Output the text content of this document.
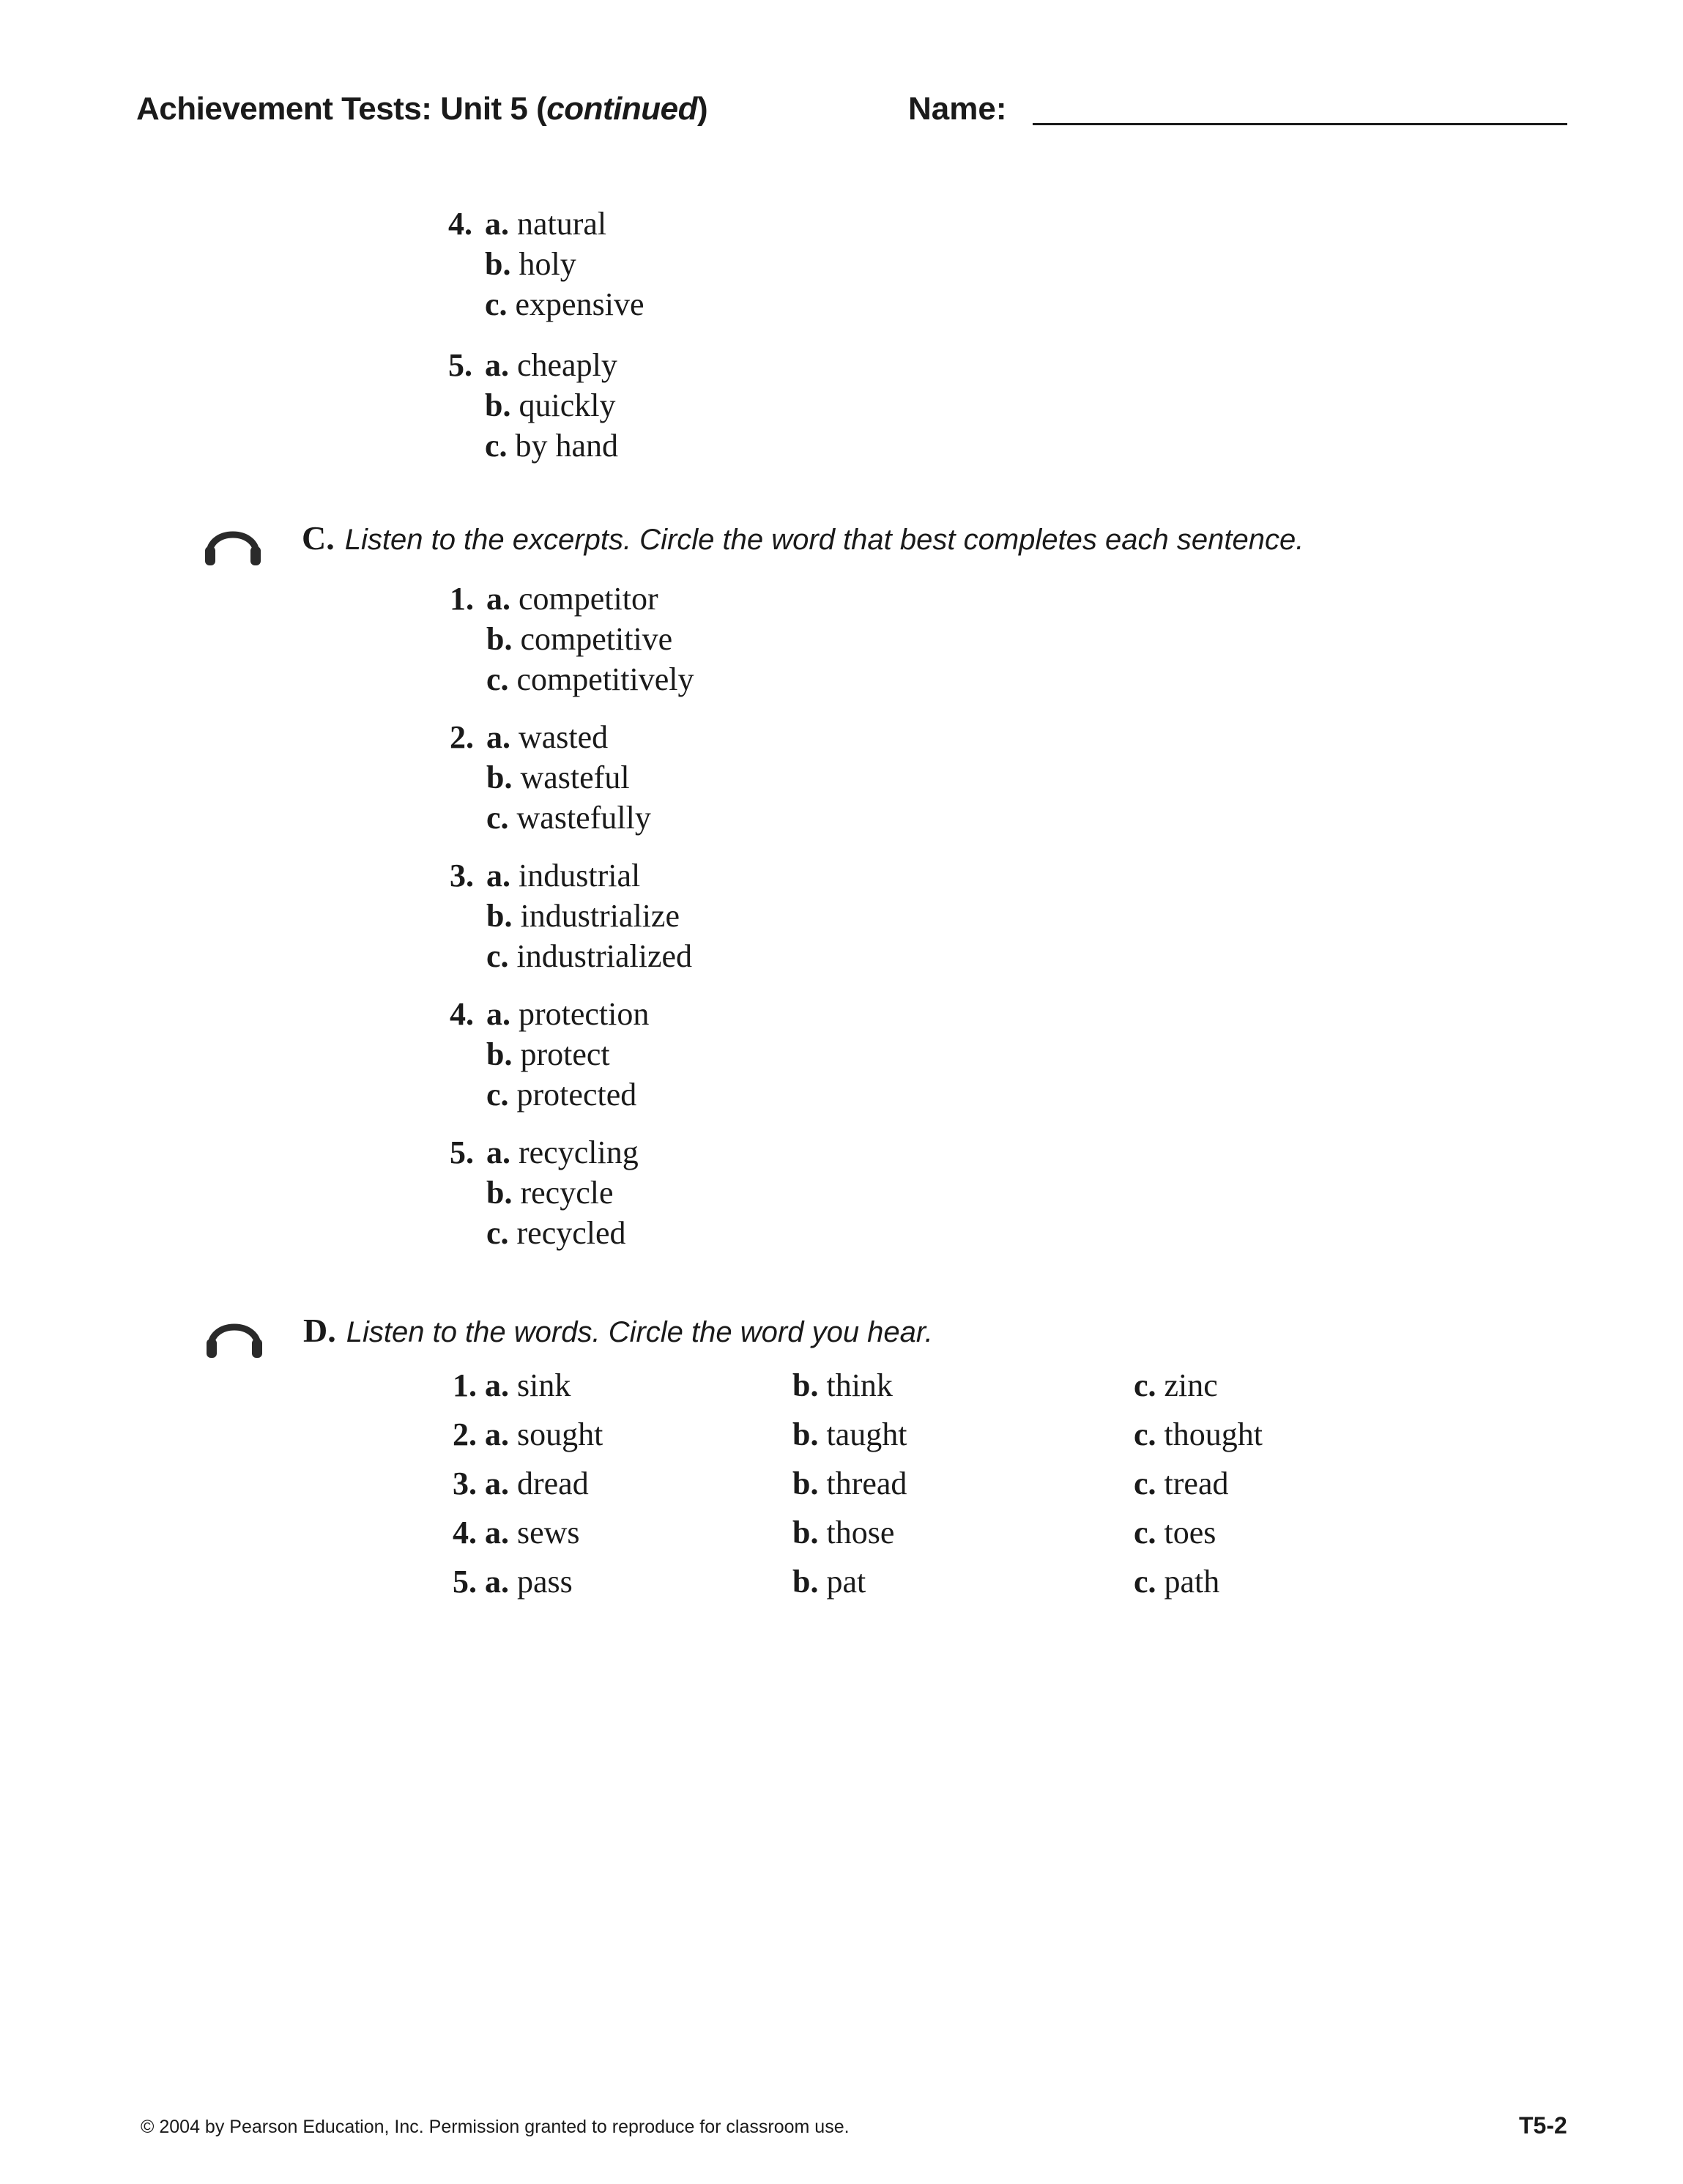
Achievement Tests: Unit 5 (continued)	Name:
4. a. natural
b. holy
c. expensive
5. a. cheaply
b. quickly
c. by hand
C. Listen to the excerpts. Circle the word that best completes each sentence.
1. a. competitor
b. competitive
c. competitively
2. a. wasted
b. wasteful
c. wastefully
3. a. industrial
b. industrialize
c. industrialized
4. a. protection
b. protect
c. protected
5. a. recycling
b. recycle
c. recycled
D. Listen to the words. Circle the word you hear.
1. a. sink	b. think	c. zinc
2. a. sought	b. taught	c. thought
3. a. dread	b. thread	c. tread
4. a. sews	b. those	c. toes
5. a. pass	b. pat	c. path
© 2004 by Pearson Education, Inc. Permission granted to reproduce for classroom use.	T5-2
